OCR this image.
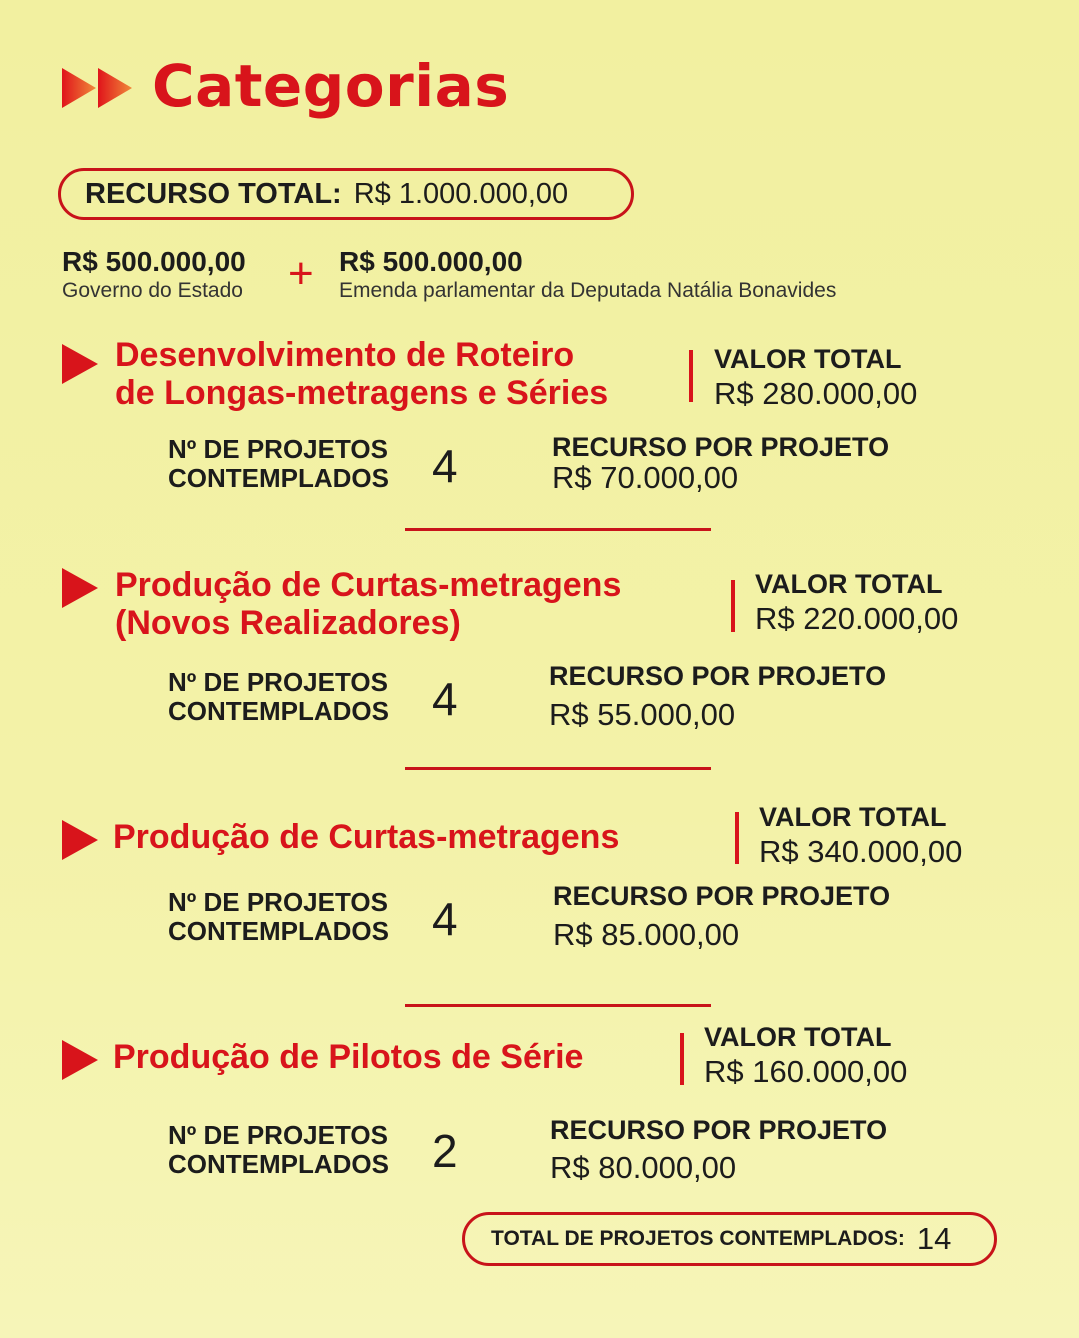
Categorias
RECURSO TOTAL: R$ 1.000.000,00
R$ 500.000,00
Governo do Estado + R$ 500.000,00
Emenda parlamentar da Deputada Natália Bonavides
Desenvolvimento de Roteiro
de Longas-metragens e Séries
VALOR TOTAL
R$ 280.000,00
Nº DE PROJETOS
CONTEMPLADOS 4	RECURSO POR PROJETO
R$ 70.000,00
Produção de Curtas-metragens
(Novos Realizadores)
VALOR TOTAL
R$ 220.000,00
Nº DE PROJETOS
CONTEMPLADOS 4	RECURSO POR PROJETO
R$ 55.000,00
Produção de Curtas-metragens
VALOR TOTAL
R$ 340.000,00
Nº DE PROJETOS
CONTEMPLADOS 4	RECURSO POR PROJETO
R$ 85.000,00
Produção de Pilotos de Série
VALOR TOTAL
R$ 160.000,00
Nº DE PROJETOS
CONTEMPLADOS 2	RECURSO POR PROJETO
R$ 80.000,00
TOTAL DE PROJETOS CONTEMPLADOS: 14
